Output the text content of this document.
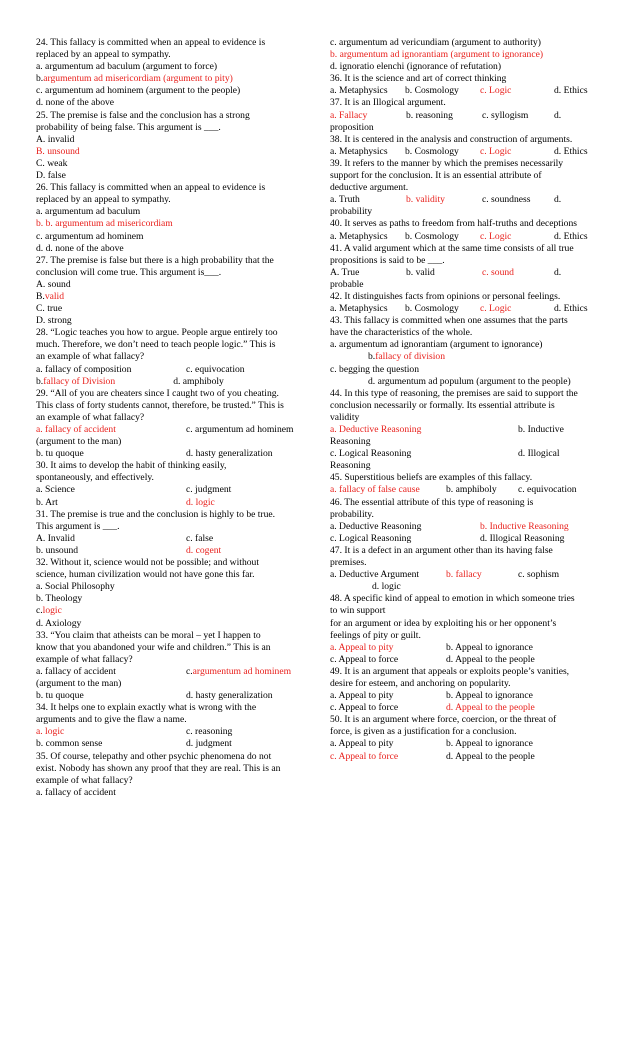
24. This fallacy is committed when an appeal to evidence is
replaced by an appeal to sympathy.
a. argumentum ad baculum (argument to force)
b.argumentum ad misericordiam (argument to pity)
c. argumentum ad hominem (argument to the people)
d. none of the above
25. The premise is false and the conclusion has a strong
probability of being false. This argument is ___.
A. invalid
B. unsound
C. weak
D. false
26. This fallacy is committed when an appeal to evidence is
replaced by an appeal to sympathy.
a. argumentum ad baculum
b. b. argumentum ad misericordiam
c. argumentum ad hominem
d. d. none of the above
27. The premise is false but there is a high probability that the
conclusion will come true. This argument is___.
A. sound
B.valid
C. true
D. strong
28. “Logic teaches you how to argue. People argue entirely too
much. Therefore, we don’t need to teach people logic.” This is
an example of what fallacy?
a. fallacy of composition	c. equivocation
b.fallacy of Division	d. amphiboly
29. “All of you are cheaters since I caught two of you cheating.
This class of forty students cannot, therefore, be trusted.” This is
an example of what fallacy?
a. fallacy of accident	c. argumentum ad hominem
(argument to the man)
b. tu quoque	d. hasty generalization
30. It aims to develop the habit of thinking easily,
spontaneously, and effectively.
a. Science	c. judgment
b. Art	d. logic
31. The premise is true and the conclusion is highly to be true.
This argument is ___.
A. Invalid	c. false
b. unsound	d. cogent
32. Without it, science would not be possible; and without
science, human civilization would not have gone this far.
a. Social Philosophy
b. Theology
c.logic
d. Axiology
33. “You claim that atheists can be moral – yet I happen to
know that you abandoned your wife and children.” This is an
example of what fallacy?
a. fallacy of accident	c.argumentum ad hominem
(argument to the man)
b. tu quoque	d. hasty generalization
34. It helps one to explain exactly what is wrong with the
arguments and to give the flaw a name.
a. logic	c. reasoning
b. common sense	d. judgment
35. Of course, telepathy and other psychic phenomena do not
exist. Nobody has shown any proof that they are real. This is an
example of what fallacy?
a. fallacy of accident
c. argumentum ad vericundiam (argument to authority)
b. argumentum ad ignorantiam (argument to ignorance)
d. ignoratio elenchi (ignorance of refutation)
36. It is the science and art of correct thinking
a. Metaphysics b. Cosmology c. Logic	d. Ethics
37. It is an Illogical argument.
a. Fallacy	b. reasoning	c. syllogism	d.
proposition
38. It is centered in the analysis and construction of arguments.
a. Metaphysics b. Cosmology c. Logic	d. Ethics
39. It refers to the manner by which the premises necessarily
support for the conclusion. It is an essential attribute of
deductive argument.
a. Truth	b. validity	c. soundness d.
probability
40. It serves as paths to freedom from half-truths and deceptions
a. Metaphysics b. Cosmology c. Logic	d. Ethics
41. A valid argument which at the same time consists of all true
propositions is said to be ___.
A. True	b. valid	c. sound	d.
probable
42. It distinguishes facts from opinions or personal feelings.
a. Metaphysics b. Cosmology c. Logic	d. Ethics
43. This fallacy is committed when one assumes that the parts
have the characteristics of the whole.
a. argumentum ad ignorantiam (argument to ignorance)
b.fallacy of division
c. begging the question
d. argumentum ad populum (argument to the people)
44. In this type of reasoning, the premises are said to support the
conclusion necessarily or formally. Its essential attribute is
validity
a. Deductive Reasoning	b. Inductive
Reasoning
c. Logical Reasoning	d. Illogical
Reasoning
45. Superstitious beliefs are examples of this fallacy.
a. fallacy of false cause	b. amphiboly c. equivocation
46. The essential attribute of this type of reasoning is
probability.
a. Deductive Reasoning	b. Inductive Reasoning
c. Logical Reasoning	d. Illogical Reasoning
47. It is a defect in an argument other than its having false
premises.
a. Deductive Argument	b. fallacy	c. sophism
d. logic
48. A specific kind of appeal to emotion in which someone tries
to win support
for an argument or idea by exploiting his or her opponent’s
feelings of pity or guilt.
a. Appeal to pity	b. Appeal to ignorance
c. Appeal to force	d. Appeal to the people
49. It is an argument that appeals or exploits people’s vanities,
desire for esteem, and anchoring on popularity.
a. Appeal to pity	b. Appeal to ignorance
c. Appeal to force	d. Appeal to the people
50. It is an argument where force, coercion, or the threat of
force, is given as a justification for a conclusion.
a. Appeal to pity	b. Appeal to ignorance
c. Appeal to force	d. Appeal to the people
